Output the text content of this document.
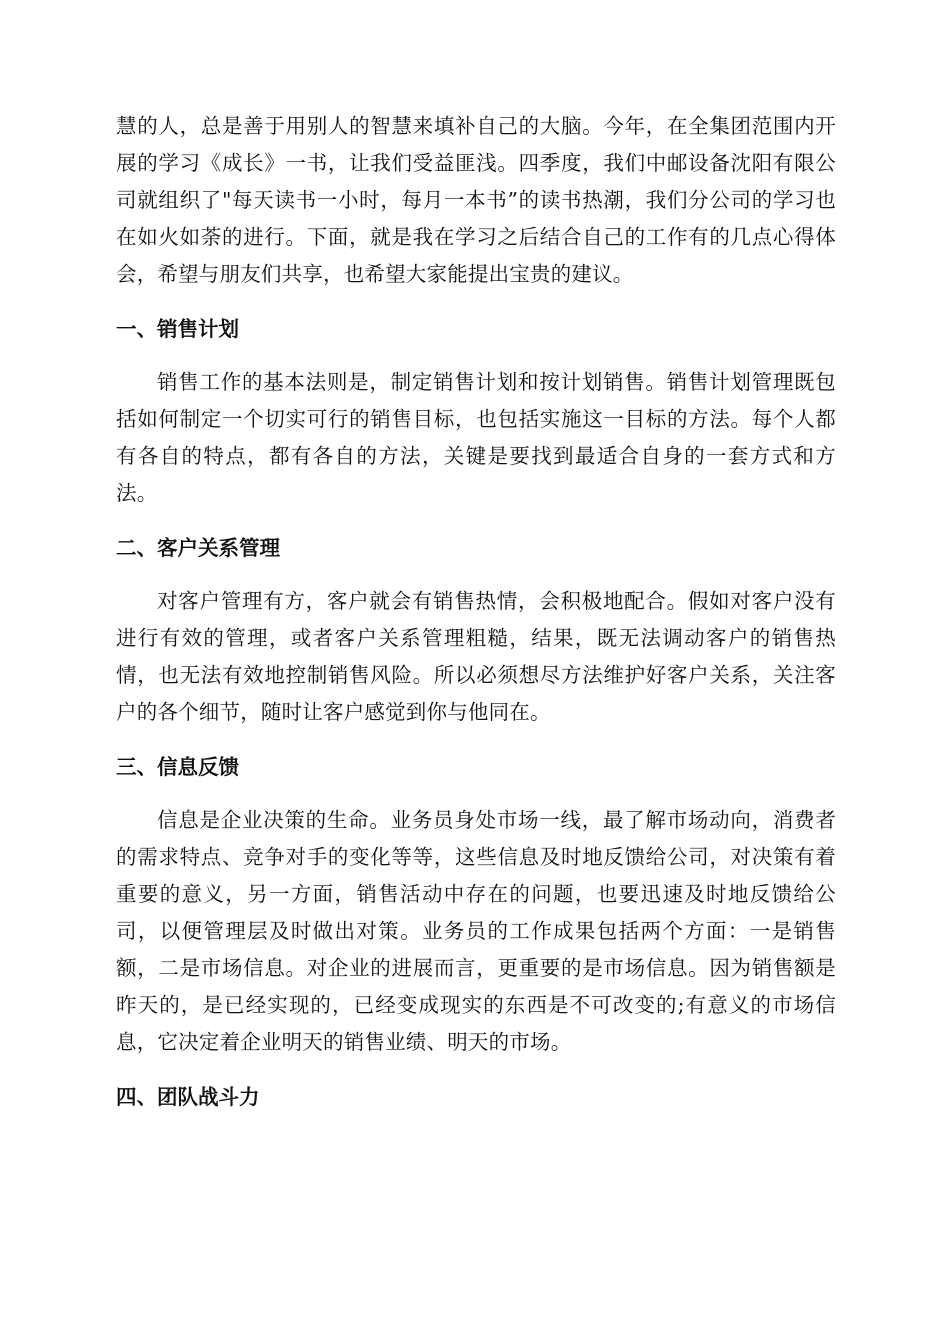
慧的人，总是善于用别人的智慧来填补自己的大脑。今年，在全集团范围内开展的学习《成长》一书，让我们受益匪浅。四季度，我们中邮设备沈阳有限公司就组织了"每天读书一小时，每月一本书”的读书热潮，我们分公司的学习也在如火如荼的进行。下面，就是我在学习之后结合自己的工作有的几点心得体会，希望与朋友们共享，也希望大家能提出宝贵的建议。

一、销售计划

销售工作的基本法则是，制定销售计划和按计划销售。销售计划管理既包括如何制定一个切实可行的销售目标，也包括实施这一目标的方法。每个人都有各自的特点，都有各自的方法，关键是要找到最适合自身的一套方式和方法。

二、客户关系管理

对客户管理有方，客户就会有销售热情，会积极地配合。假如对客户没有进行有效的管理，或者客户关系管理粗糙，结果，既无法调动客户的销售热情，也无法有效地控制销售风险。所以必须想尽方法维护好客户关系，关注客户的各个细节，随时让客户感觉到你与他同在。

三、信息反馈

信息是企业决策的生命。业务员身处市场一线，最了解市场动向，消费者的需求特点、竞争对手的变化等等，这些信息及时地反馈给公司，对决策有着重要的意义，另一方面，销售活动中存在的问题，也要迅速及时地反馈给公司，以便管理层及时做出对策。业务员的工作成果包括两个方面：一是销售额，二是市场信息。对企业的进展而言，更重要的是市场信息。因为销售额是昨天的，是已经实现的，已经变成现实的东西是不可改变的;有意义的市场信息，它决定着企业明天的销售业绩、明天的市场。

四、团队战斗力
